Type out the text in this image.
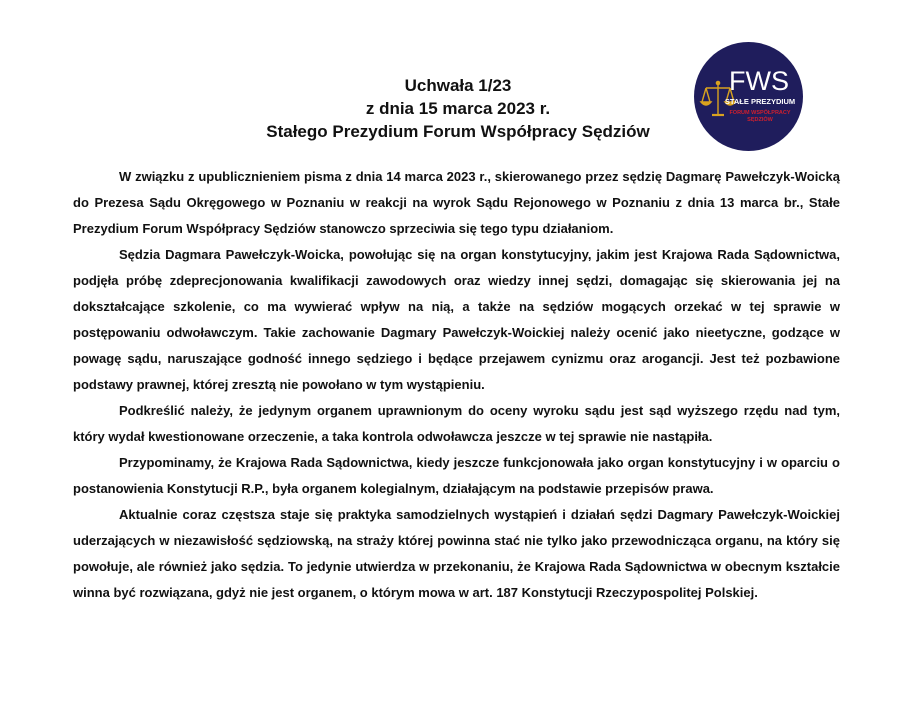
Uchwała 1/23
z dnia 15 marca 2023 r.
Stałego Prezydium Forum Współpracy Sędziów
FWS
STAŁE PREZYDIUM
FORUM WSPÓŁPRACY
SĘDZIÓW

W związku z upublicznieniem pisma z dnia 14 marca 2023 r., skierowanego przez sędzię Dagmarę Pawełczyk-Woicką do Prezesa Sądu Okręgowego w Poznaniu w reakcji na wyrok Sądu Rejonowego w Poznaniu z dnia 13 marca br., Stałe Prezydium Forum Współpracy Sędziów stanowczo sprzeciwia się tego typu działaniom.

Sędzia Dagmara Pawełczyk-Woicka, powołując się na organ konstytucyjny, jakim jest Krajowa Rada Sądownictwa, podjęła próbę zdeprecjonowania kwalifikacji zawodowych oraz wiedzy innej sędzi, domagając się skierowania jej na dokształcające szkolenie, co ma wywierać wpływ na nią, a także na sędziów mogących orzekać w tej sprawie w postępowaniu odwoławczym. Takie zachowanie Dagmary Pawełczyk-Woickiej należy ocenić jako nieetyczne, godzące w powagę sądu, naruszające godność innego sędziego i będące przejawem cynizmu oraz arogancji. Jest też pozbawione podstawy prawnej, której zresztą nie powołano w tym wystąpieniu.

Podkreślić należy, że jedynym organem uprawnionym do oceny wyroku sądu jest sąd wyższego rzędu nad tym, który wydał kwestionowane orzeczenie, a taka kontrola odwoławcza jeszcze w tej sprawie nie nastąpiła.

Przypominamy, że Krajowa Rada Sądownictwa, kiedy jeszcze funkcjonowała jako organ konstytucyjny i w oparciu o postanowienia Konstytucji R.P., była organem kolegialnym, działającym na podstawie przepisów prawa.

Aktualnie coraz częstsza staje się praktyka samodzielnych wystąpień i działań sędzi Dagmary Pawełczyk-Woickiej uderzających w niezawisłość sędziowską, na straży której powinna stać nie tylko jako przewodnicząca organu, na który się powołuje, ale również jako sędzia. To jedynie utwierdza w przekonaniu, że Krajowa Rada Sądownictwa w obecnym kształcie winna być rozwiązana, gdyż nie jest organem, o którym mowa w art. 187 Konstytucji Rzeczypospolitej Polskiej.
